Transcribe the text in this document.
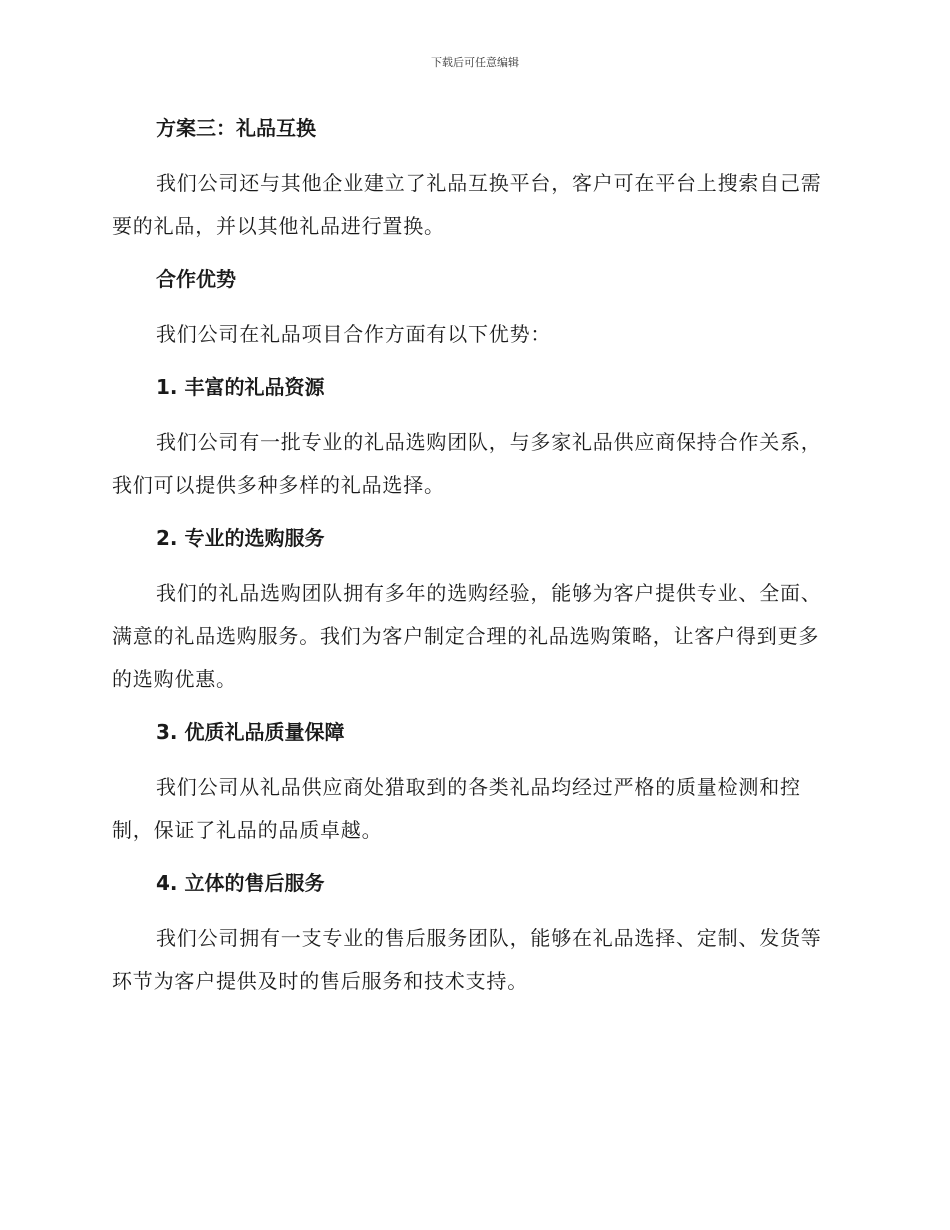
下载后可任意编辑
方案三：礼品互换

我们公司还与其他企业建立了礼品互换平台，客户可在平台上搜索自己需要的礼品，并以其他礼品进行置换。

合作优势

我们公司在礼品项目合作方面有以下优势：

1. 丰富的礼品资源

我们公司有一批专业的礼品选购团队，与多家礼品供应商保持合作关系，我们可以提供多种多样的礼品选择。

2. 专业的选购服务

我们的礼品选购团队拥有多年的选购经验，能够为客户提供专业、全面、满意的礼品选购服务。我们为客户制定合理的礼品选购策略，让客户得到更多的选购优惠。

3. 优质礼品质量保障

我们公司从礼品供应商处猎取到的各类礼品均经过严格的质量检测和控制，保证了礼品的品质卓越。

4. 立体的售后服务

我们公司拥有一支专业的售后服务团队，能够在礼品选择、定制、发货等环节为客户提供及时的售后服务和技术支持。
